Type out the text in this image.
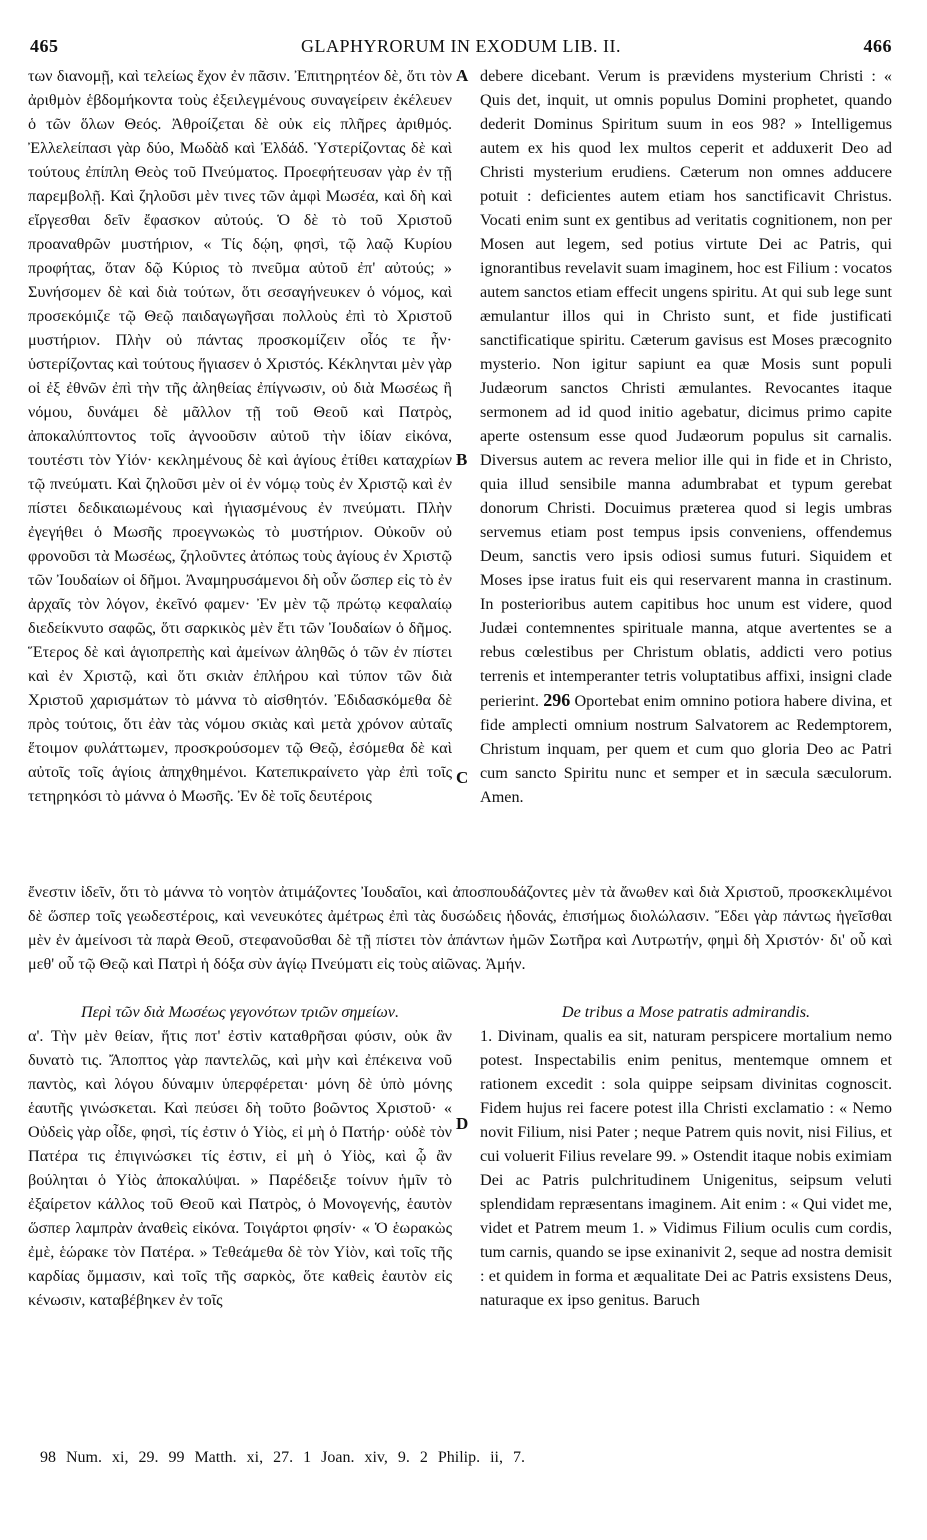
465	GLAPHYRORUM IN EXODUM LIB. II.	466

των διανομῇ, καὶ τελείως ἔχον ἐν πᾶσιν. Ἐπιτηρητέον δὲ, ὅτι τὸν ἀριθμὸν ἑβδομήκοντα τοὺς ἐξειλεγμένους συναγείρειν ἐκέλευεν ὁ τῶν ὅλων Θεός. Ἀθροίζεται δὲ οὐκ εἰς πλῆρες ἀριθμός. Ἐλλελείπασι γὰρ δύο, Μωδὰδ καὶ Ἐλδάδ. Ὑστερίζοντας δὲ καὶ τούτους ἐπίπλη Θεὸς τοῦ Πνεύματος. Προεφήτευσαν γὰρ ἐν τῇ παρεμβολῇ. Καὶ ζηλοῦσι μὲν τινες τῶν ἀμφὶ Μωσέα, καὶ δὴ καὶ εἴργεσθαι δεῖν ἔφασκον αὐτούς. Ὁ δὲ τὸ τοῦ Χριστοῦ προαναθρῶν μυστήριον, « Τίς δῴη, φησὶ, τῷ λαῷ Κυρίου προφήτας, ὅταν δῷ Κύριος τὸ πνεῦμα αὐτοῦ ἐπ' αὐτούς; » Συνήσομεν δὲ καὶ διὰ τούτων, ὅτι σεσαγήνευκεν ὁ νόμος, καὶ προσεκόμιζε τῷ Θεῷ παιδαγωγῆσαι πολλοὺς ἐπὶ τὸ Χριστοῦ μυστήριον. Πλὴν οὐ πάντας προσκομίζειν οἷός τε ἦν· ὑστερίζοντας καὶ τούτους ἥγιασεν ὁ Χριστός. Κέκληνται μὲν γὰρ οἱ ἐξ ἐθνῶν ἐπὶ τὴν τῆς ἀληθείας ἐπίγνωσιν, οὐ διὰ Μωσέως ἢ νόμου, δυνάμει δὲ μᾶλλον τῇ τοῦ Θεοῦ καὶ Πατρὸς, ἀποκαλύπτοντος τοῖς ἀγνοοῦσιν αὐτοῦ τὴν ἰδίαν εἰκόνα, τουτέστι τὸν Υἱόν· κεκλημένους δὲ καὶ ἁγίους ἐτίθει καταχρίων τῷ πνεύματι. Καὶ ζηλοῦσι μὲν οἱ ἐν νόμῳ τοὺς ἐν Χριστῷ καὶ ἐν πίστει δεδικαιωμένους καὶ ἡγιασμένους ἐν πνεύματι. Πλὴν ἐγεγήθει ὁ Μωσῆς προεγνωκὼς τὸ μυστήριον. Οὐκοῦν οὐ φρονοῦσι τὰ Μωσέως, ζηλοῦντες ἀτόπως τοὺς ἁγίους ἐν Χριστῷ τῶν Ἰουδαίων οἱ δῆμοι. Ἀναμηρυσάμενοι δὴ οὖν ὥσπερ εἰς τὸ ἐν ἀρχαῖς τὸν λόγον, ἐκεῖνό φαμεν· Ἐν μὲν τῷ πρώτῳ κεφαλαίῳ διεδείκνυτο σαφῶς, ὅτι σαρκικὸς μὲν ἔτι τῶν Ἰουδαίων ὁ δῆμος. Ἕτερος δὲ καὶ ἁγιοπρεπὴς καὶ ἀμείνων ἀληθῶς ὁ τῶν ἐν πίστει καὶ ἐν Χριστῷ, καὶ ὅτι σκιὰν ἐπλήρου καὶ τύπον τῶν διὰ Χριστοῦ χαρισμάτων τὸ μάννα τὸ αἰσθητόν. Ἐδιδασκόμεθα δὲ πρὸς τούτοις, ὅτι ἐὰν τὰς νόμου σκιὰς καὶ μετὰ χρόνον αὐταῖς ἕτοιμον φυλάττωμεν, προσκρούσομεν τῷ Θεῷ, ἐσόμεθα δὲ καὶ αὐτοῖς τοῖς ἁγίοις ἀπηχθημένοι. Κατεπικραίνετο γὰρ ἐπὶ τοῖς τετηρηκόσι τὸ μάννα ὁ Μωσῆς. Ἐν δὲ τοῖς δευτέροις

debere dicebant. Verum is prævidens mysterium Christi : « Quis det, inquit, ut omnis populus Domini prophetet, quando dederit Dominus Spiritum suum in eos 98? » Intelligemus autem ex his quod lex multos ceperit et adduxerit Deo ad Christi mysterium erudiens. Cæterum non omnes adducere potuit : deficientes autem etiam hos sanctificavit Christus. Vocati enim sunt ex gentibus ad veritatis cognitionem, non per Mosen aut legem, sed potius virtute Dei ac Patris, qui ignorantibus revelavit suam imaginem, hoc est Filium : vocatos autem sanctos etiam effecit ungens spiritu. At qui sub lege sunt æmulantur illos qui in Christo sunt, et fide justificati sanctificatique spiritu. Cæterum gavisus est Moses præcognito mysterio. Non igitur sapiunt ea quæ Mosis sunt populi Judæorum sanctos Christi æmulantes. Revocantes itaque sermonem ad id quod initio agebatur, dicimus primo capite aperte ostensum esse quod Judæorum populus sit carnalis. Diversus autem ac revera melior ille qui in fide et in Christo, quia illud sensibile manna adumbrabat et typum gerebat donorum Christi. Docuimus præterea quod si legis umbras servemus etiam post tempus ipsis conveniens, offendemus Deum, sanctis vero ipsis odiosi sumus futuri. Siquidem et Moses ipse iratus fuit eis qui reservarent manna in crastinum. In posterioribus autem capitibus hoc unum est videre, quod Judæi contemnentes spirituale manna, atque avertentes se a rebus cœlestibus per Christum oblatis, addicti vero potius terrenis et intemperanter tetris voluptatibus affixi, insigni clade perierint. 296 Oportebat enim omnino potiora habere divina, et fide amplecti omnium nostrum Salvatorem ac Redemptorem, Christum inquam, per quem et cum quo gloria Deo ac Patri cum sancto Spiritu nunc et semper et in sæcula sæculorum. Amen.

A
B
C
D

ἔνεστιν ἰδεῖν, ὅτι τὸ μάννα τὸ νοητὸν ἀτιμάζοντες Ἰουδαῖοι, καὶ ἀποσπουδάζοντες μὲν τὰ ἄνωθεν καὶ διὰ Χριστοῦ, προσκεκλιμένοι δὲ ὥσπερ τοῖς γεωδεστέροις, καὶ νενευκότες ἀμέτρως ἐπὶ τὰς δυσώδεις ἡδονάς, ἐπισήμως διολώλασιν. Ἔδει γὰρ πάντως ἡγεῖσθαι μὲν ἐν ἀμείνοσι τὰ παρὰ Θεοῦ, στεφανοῦσθαι δὲ τῇ πίστει τὸν ἁπάντων ἡμῶν Σωτῆρα καὶ Λυτρωτήν, φημὶ δὴ Χριστόν· δι' οὗ καὶ μεθ' οὗ τῷ Θεῷ καὶ Πατρὶ ἡ δόξα σὺν ἁγίῳ Πνεύματι εἰς τοὺς αἰῶνας. Ἀμήν.

Περὶ τῶν διὰ Μωσέως γεγονότων τριῶν σημείων.

α'. Τὴν μὲν θείαν, ἥτις ποτ' ἐστὶν καταθρῆσαι φύσιν, οὐκ ἂν δυνατὸ τις. Ἄποπτος γὰρ παντελῶς, καὶ μὴν καὶ ἐπέκεινα νοῦ παντὸς, καὶ λόγου δύναμιν ὑπερφέρεται· μόνη δὲ ὑπὸ μόνης ἑαυτῆς γινώσκεται. Καὶ πεύσει δὴ τοῦτο βοῶντος Χριστοῦ· « Οὐδεὶς γὰρ οἶδε, φησὶ, τίς ἐστιν ὁ Υἱὸς, εἰ μὴ ὁ Πατήρ· οὐδὲ τὸν Πατέρα τις ἐπιγινώσκει τίς ἐστιν, εἰ μὴ ὁ Υἱὸς, καὶ ᾧ ἂν βούληται ὁ Υἱὸς ἀποκαλύψαι. » Παρέδειξε τοίνυν ἡμῖν τὸ ἐξαίρετον κάλλος τοῦ Θεοῦ καὶ Πατρὸς, ὁ Μονογενής, ἑαυτὸν ὥσπερ λαμπρὰν ἀναθεὶς εἰκόνα. Τοιγάρτοι φησίν· « Ὁ ἑωρακὼς ἐμὲ, ἑώρακε τὸν Πατέρα. » Τεθεάμεθα δὲ τὸν Υἱὸν, καὶ τοῖς τῆς καρδίας ὄμμασιν, καὶ τοῖς τῆς σαρκὸς, ὅτε καθεὶς ἑαυτὸν εἰς κένωσιν, καταβέβηκεν ἐν τοῖς

De tribus a Mose patratis admirandis.

1. Divinam, qualis ea sit, naturam perspicere mortalium nemo potest. Inspectabilis enim penitus, mentemque omnem et rationem excedit : sola quippe seipsam divinitas cognoscit. Fidem hujus rei facere potest illa Christi exclamatio : « Nemo novit Filium, nisi Pater ; neque Patrem quis novit, nisi Filius, et cui voluerit Filius revelare 99. » Ostendit itaque nobis eximiam Dei ac Patris pulchritudinem Unigenitus, seipsum veluti splendidam repræsentans imaginem. Ait enim : « Qui videt me, videt et Patrem meum 1. » Vidimus Filium oculis cum cordis, tum carnis, quando se ipse exinanivit 2, seque ad nostra demisit : et quidem in forma et æqualitate Dei ac Patris exsistens Deus, naturaque ex ipso genitus. Baruch

98 Num. xi, 29. 99 Matth. xi, 27. 1 Joan. xiv, 9. 2 Philip. ii, 7.
